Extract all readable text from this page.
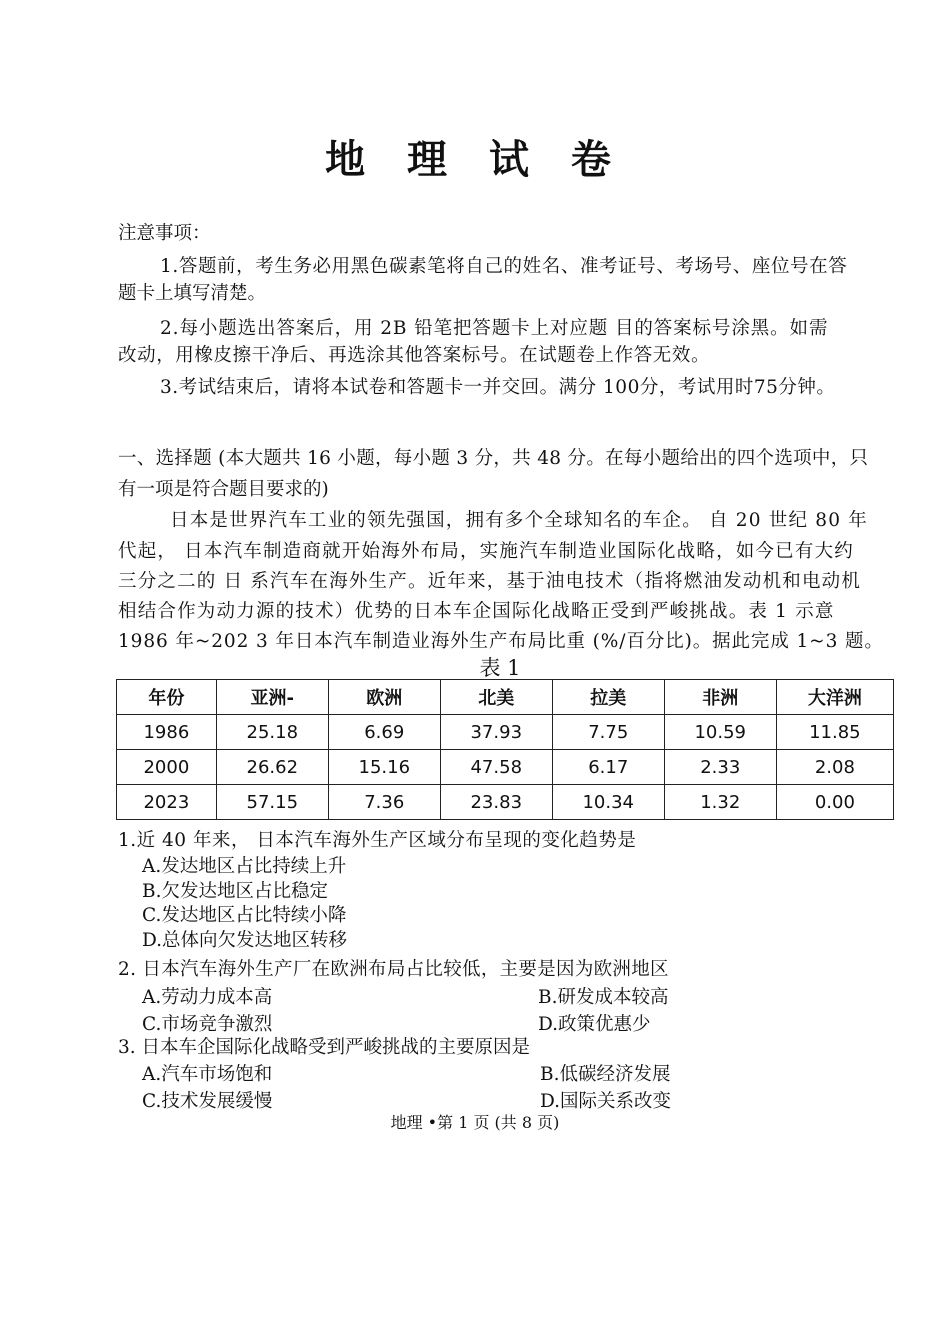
地 理 试 卷
注意事项：
1.答题前，考生务必用黑色碳素笔将自己的姓名、准考证号、考场号、座位号在答
题卡上填写清楚。
2.每小题选出答案后，用 2B 铅笔把答题卡上对应题 目的答案标号涂黑。如需
改动，用橡皮擦干净后、再选涂其他答案标号。在试题卷上作答无效。
3.考试结束后，请将本试卷和答题卡一并交回。满分 100分，考试用时75分钟。
一、选择题 (本大题共 16 小题，每小题 3 分，共 48 分。在每小题给出的四个选项中，只
有一项是符合题目要求的)
日本是世界汽车工业的领先强国，拥有多个全球知名的车企。 自 20 世纪 80 年
代起， 日本汽车制造商就开始海外布局，实施汽车制造业国际化战略，如今已有大约
三分之二的 日 系汽车在海外生产。近年来，基于油电技术（指将燃油发动机和电动机
相结合作为动力源的技术）优势的日本车企国际化战略正受到严峻挑战。表 1 示意
1986 年~202 3 年日本汽车制造业海外生产布局比重 (%/百分比)。据此完成 1~3 题。
表 1
年份	亚洲-	欧洲	北美	拉美	非洲	大洋洲
1986	25.18	6.69	37.93	7.75	10.59	11.85
2000	26.62	15.16	47.58	6.17	2.33	2.08
2023	57.15	7.36	23.83	10.34	1.32	0.00
1.近 40 年来， 日本汽车海外生产区域分布呈现的变化趋势是
A.发达地区占比持续上升
B.欠发达地区占比稳定
C.发达地区占比特续小降
D.总体向欠发达地区转移
2. 日本汽车海外生产厂在欧洲布局占比较低，主要是因为欧洲地区
A.劳动力成本高	B.研发成本较高
C.市场竞争激烈	D.政策优惠少
3. 日本车企国际化战略受到严峻挑战的主要原因是
A.汽车市场饱和	B.低碳经济发展
C.技术发展缓慢	D.国际关系改变
地理 •第 1 页 (共 8 页)
